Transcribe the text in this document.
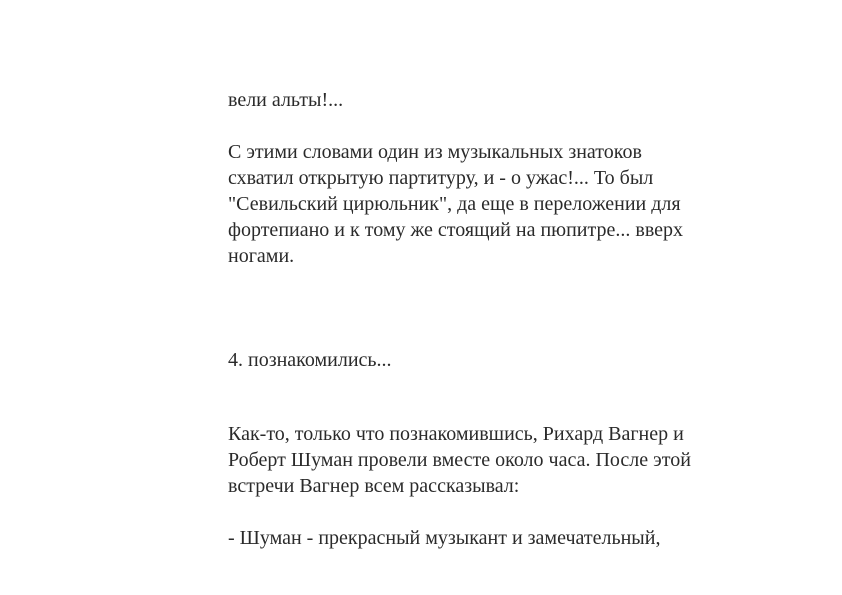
вели альты!...
С этими словами один из музыкальных знатоков
схватил открытую партитуру, и - о ужас!... То был
"Севильский цирюльник", да еще в переложении для
фортепиано и к тому же стоящий на пюпитре... вверх
ногами.
4. познакомились...
Как-то, только что познакомившись, Рихард Вагнер и
Роберт Шуман провели вместе около часа. После этой
встречи Вагнер всем рассказывал:
- Шуман - прекрасный музыкант и замечательный,
